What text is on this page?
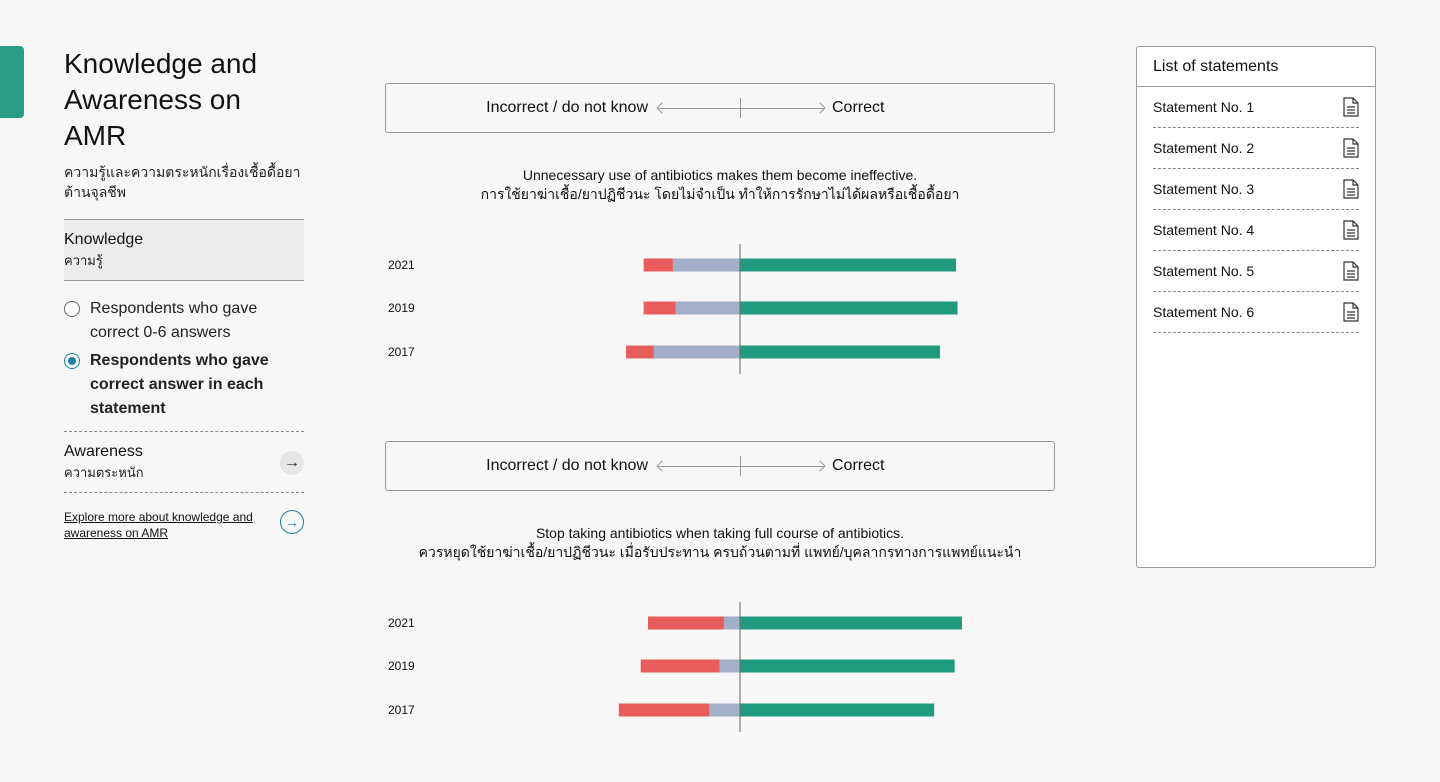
Knowledge and Awareness on AMR
ความรู้และความตระหนักเรื่องเชื้อดื้อยาต้านจุลชีพ
Knowledge
ความรู้
Respondents who gave correct 0-6 answers
Respondents who gave correct answer in each statement
Awareness
ความตระหนัก
→
Explore more about knowledge and awareness on AMR
→
Incorrect / do not know	Correct
Unnecessary use of antibiotics makes them become ineffective.
การใช้ยาฆ่าเชื้อ/ยาปฏิชีวนะ โดยไม่จำเป็น ทำให้การรักษาไม่ได้ผลหรือเชื้อดื้อยา
2021
2019
2017
Incorrect / do not know	Correct
Stop taking antibiotics when taking full course of antibiotics.
ควรหยุดใช้ยาฆ่าเชื้อ/ยาปฏิชีวนะ เมื่อรับประทาน ครบถ้วนตามที่ แพทย์/บุคลากรทางการแพทย์แนะนำ
2021
2019
2017
List of statements
Statement No. 1
Statement No. 2
Statement No. 3
Statement No. 4
Statement No. 5
Statement No. 6
